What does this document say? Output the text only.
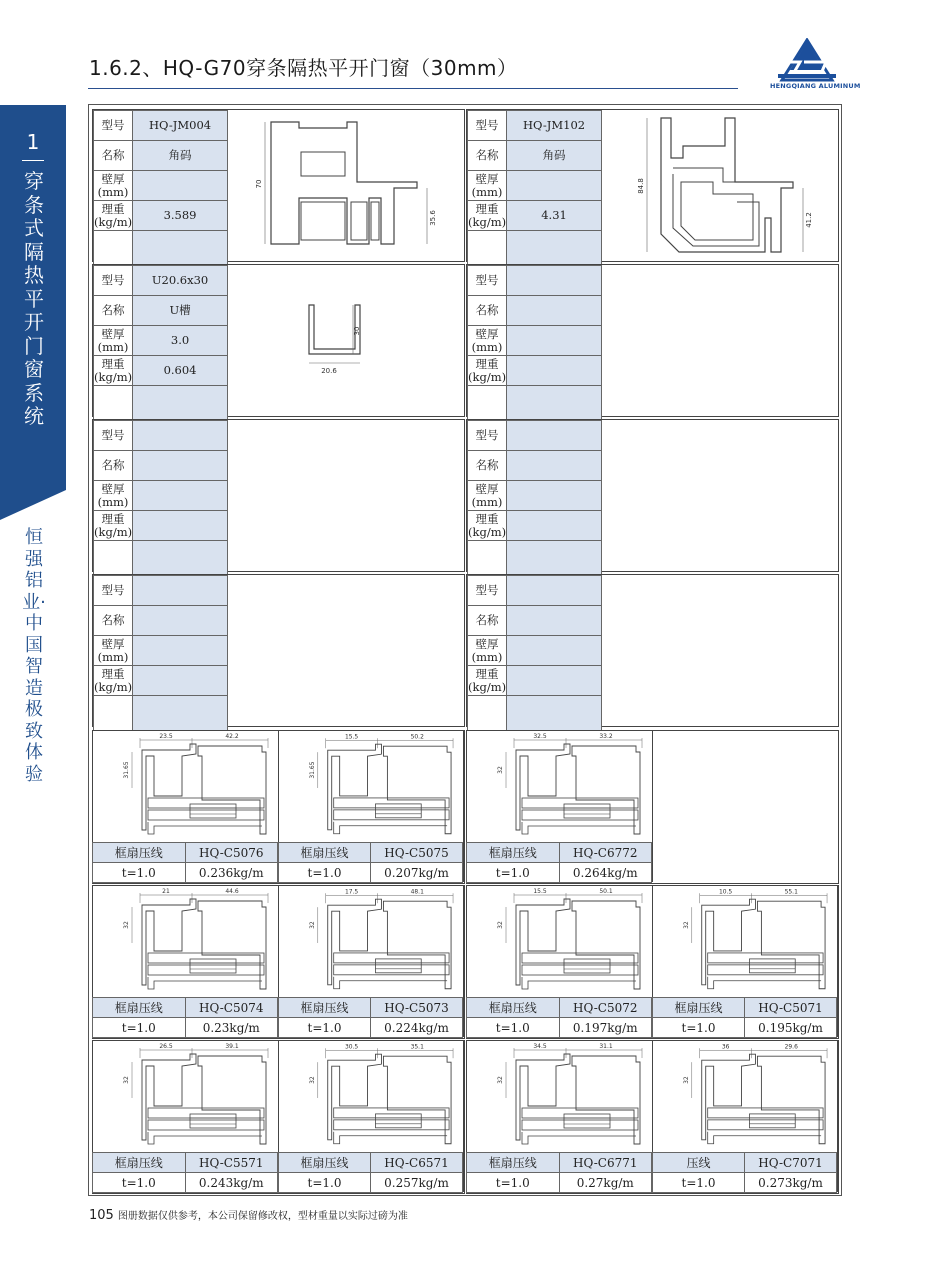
1.6.2、HQ-G70穿条隔热平开门窗（30mm）
HENGQIANG ALUMINUM
1
穿条式隔热平开门窗系统
恒强铝业·中国智造 极致体验
型号	HQ-JM004
名称	角码

壁厚
(mm)	

理重
(kg/m)	3.589

70
35.6
型号	HQ-JM102
名称	角码

壁厚
(mm)	

理重
(kg/m)	4.31

84.8
41.2
型号	U20.6x30
名称	U槽

壁厚
(mm)	3.0

理重
(kg/m)	0.604

30
20.6
型号	
名称	

壁厚
(mm)	

理重
(kg/m)	

型号	
名称	

壁厚
(mm)	

理重
(kg/m)	

型号	
名称	

壁厚
(mm)	

理重
(kg/m)	

型号	
名称	

壁厚
(mm)	

理重
(kg/m)	

型号	
名称	

壁厚
(mm)	

理重
(kg/m)	

23.5	42.2
31.65
框扇压线	HQ-C5076
t=1.0	0.236kg/m
15.5	50.2
31.65
框扇压线	HQ-C5075
t=1.0	0.207kg/m
32.5	33.2
32
框扇压线	HQ-C6772
t=1.0	0.264kg/m
21	44.6
32
框扇压线	HQ-C5074
t=1.0	0.23kg/m
17.5	48.1
32
框扇压线	HQ-C5073
t=1.0	0.224kg/m
15.5	50.1
32
框扇压线	HQ-C5072
t=1.0	0.197kg/m
10.5	55.1
32
框扇压线	HQ-C5071
t=1.0	0.195kg/m
26.5	39.1
32
框扇压线	HQ-C5571
t=1.0	0.243kg/m
30.5	35.1
32
框扇压线	HQ-C6571
t=1.0	0.257kg/m
34.5	31.1
32
框扇压线	HQ-C6771
t=1.0	0.27kg/m
36	29.6
32
压线	HQ-C7071
t=1.0	0.273kg/m
105 图册数据仅供参考，本公司保留修改权，型材重量以实际过磅为准
